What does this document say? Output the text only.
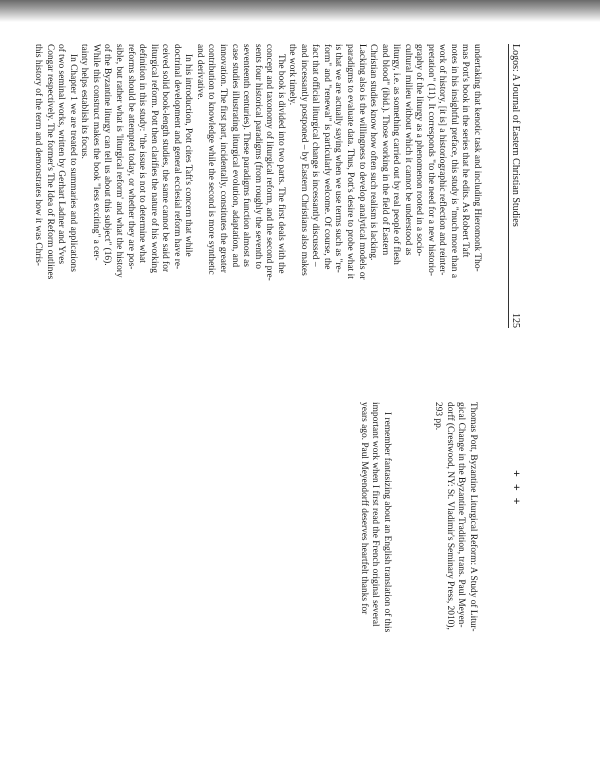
Logos: A Journal of Eastern Christian Studies
125
+ + +
Thomas Pott, Byzantine Liturgical Reform: A Study of Litur-
gical Change in the Byzantine Tradition, trans. Paul Meyen-
dorff (Crestwood, NY: St. Vladimir's Seminary Press, 2010),
293 pp.
I remember fantasizing about an English translation of this
important work when I first read the French original several
years ago. Paul Meyendorff deserves heartfelt thanks for
undertaking that kenotic task and including Hieromonk Tho-
mas Pott's book in the series that he edits. As Robert Taft
notes in his insightful preface, this study is "much more than a
work of history, [it is] a historiographic reflection and reinter-
pretation" (11). It corresponds "to the need for a new historio-
graphy of the liturgy as a phenomenon rooted in a socio-
cultural milieu without which it cannot be understood as
liturgy, i.e. as something carried out by real people of flesh
and blood" (ibid.). Those working in the field of Eastern
Christian studies know how often such realism is lacking.
Lacking also is the willingness to develop analytical models or
paradigms to evaluate data. Thus, Pott's desire to probe what it
is that we are actually saying when we use terms such as "re-
form" and "renewal" is particularly welcome. Of course, the
fact that official liturgical change is incessantly discussed –
and incessantly postponed – by Eastern Christians also makes
the work timely.
The book is divided into two parts. The first deals with the
concept and taxonomy of liturgical reform, and the second pre-
sents four historical paradigms (from roughly the seventh to
seventeenth centuries). These paradigms function almost as
case studies illustrating liturgical evolution, adaptation, and
innovation. The first part, incidentally, constitutes the greater
contribution to knowledge while the second is more synthetic
and derivative.
In his introduction, Pott cites Taft's concern that while
doctrinal development and general ecclesial reform have re-
ceived solid book-length studies, the same cannot be said for
liturgical reform. Pott then clarifies the nature of his working
definition in this study: "the issue is not to determine what
reforms should be attempted today, or whether they are pos-
sible, but rather what is 'liturgical reform' and what the history
of the Byzantine liturgy can tell us about this subject" (16).
While this construct makes the book "less exciting" a cer-
tainty helps establish its focus.
In Chapter 1 we are treated to summaries and applications
of two seminal works, written by Gerhart Ladner and Yves
Congar respectively. The former's The Idea of Reform outlines
this history of the term and demonstrates how it was Chris-
